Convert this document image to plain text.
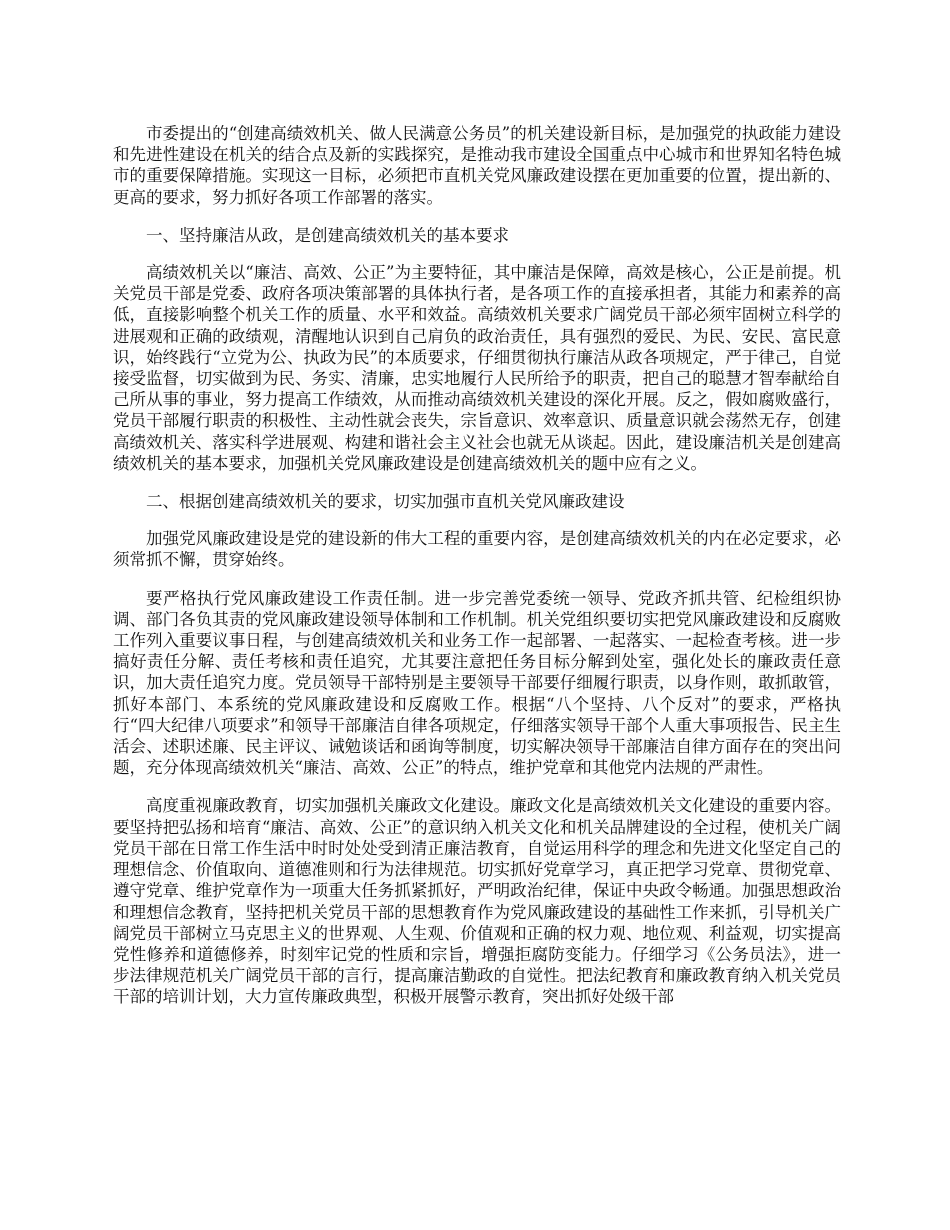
市委提出的“创建高绩效机关、做人民满意公务员”的机关建设新目标，是加强党的执政能力建设和先进性建设在机关的结合点及新的实践探究，是推动我市建设全国重点中心城市和世界知名特色城市的重要保障措施。实现这一目标，必须把市直机关党风廉政建设摆在更加重要的位置，提出新的、更高的要求，努力抓好各项工作部署的落实。

一、坚持廉洁从政，是创建高绩效机关的基本要求

高绩效机关以“廉洁、高效、公正”为主要特征，其中廉洁是保障，高效是核心，公正是前提。机关党员干部是党委、政府各项决策部署的具体执行者，是各项工作的直接承担者，其能力和素养的高低，直接影响整个机关工作的质量、水平和效益。高绩效机关要求广阔党员干部必须牢固树立科学的进展观和正确的政绩观，清醒地认识到自己肩负的政治责任，具有强烈的爱民、为民、安民、富民意识，始终践行“立党为公、执政为民”的本质要求，仔细贯彻执行廉洁从政各项规定，严于律己，自觉接受监督，切实做到为民、务实、清廉，忠实地履行人民所给予的职责，把自己的聪慧才智奉献给自己所从事的事业，努力提高工作绩效，从而推动高绩效机关建设的深化开展。反之，假如腐败盛行，党员干部履行职责的积极性、主动性就会丧失，宗旨意识、效率意识、质量意识就会荡然无存，创建高绩效机关、落实科学进展观、构建和谐社会主义社会也就无从谈起。因此，建设廉洁机关是创建高绩效机关的基本要求，加强机关党风廉政建设是创建高绩效机关的题中应有之义。

二、根据创建高绩效机关的要求，切实加强市直机关党风廉政建设

加强党风廉政建设是党的建设新的伟大工程的重要内容，是创建高绩效机关的内在必定要求，必须常抓不懈，贯穿始终。

要严格执行党风廉政建设工作责任制。进一步完善党委统一领导、党政齐抓共管、纪检组织协调、部门各负其责的党风廉政建设领导体制和工作机制。机关党组织要切实把党风廉政建设和反腐败工作列入重要议事日程，与创建高绩效机关和业务工作一起部署、一起落实、一起检查考核。进一步搞好责任分解、责任考核和责任追究，尤其要注意把任务目标分解到处室，强化处长的廉政责任意识，加大责任追究力度。党员领导干部特别是主要领导干部要仔细履行职责，以身作则，敢抓敢管，抓好本部门、本系统的党风廉政建设和反腐败工作。根据“八个坚持、八个反对”的要求，严格执行“四大纪律八项要求”和领导干部廉洁自律各项规定，仔细落实领导干部个人重大事项报告、民主生活会、述职述廉、民主评议、诫勉谈话和函询等制度，切实解决领导干部廉洁自律方面存在的突出问题，充分体现高绩效机关“廉洁、高效、公正”的特点，维护党章和其他党内法规的严肃性。

高度重视廉政教育，切实加强机关廉政文化建设。廉政文化是高绩效机关文化建设的重要内容。要坚持把弘扬和培育“廉洁、高效、公正”的意识纳入机关文化和机关品牌建设的全过程，使机关广阔党员干部在日常工作生活中时时处处受到清正廉洁教育，自觉运用科学的理念和先进文化坚定自己的理想信念、价值取向、道德准则和行为法律规范。切实抓好党章学习，真正把学习党章、贯彻党章、遵守党章、维护党章作为一项重大任务抓紧抓好，严明政治纪律，保证中央政令畅通。加强思想政治和理想信念教育，坚持把机关党员干部的思想教育作为党风廉政建设的基础性工作来抓，引导机关广阔党员干部树立马克思主义的世界观、人生观、价值观和正确的权力观、地位观、利益观，切实提高党性修养和道德修养，时刻牢记党的性质和宗旨，增强拒腐防变能力。仔细学习《公务员法》，进一步法律规范机关广阔党员干部的言行，提高廉洁勤政的自觉性。把法纪教育和廉政教育纳入机关党员干部的培训计划，大力宣传廉政典型，积极开展警示教育，突出抓好处级干部
